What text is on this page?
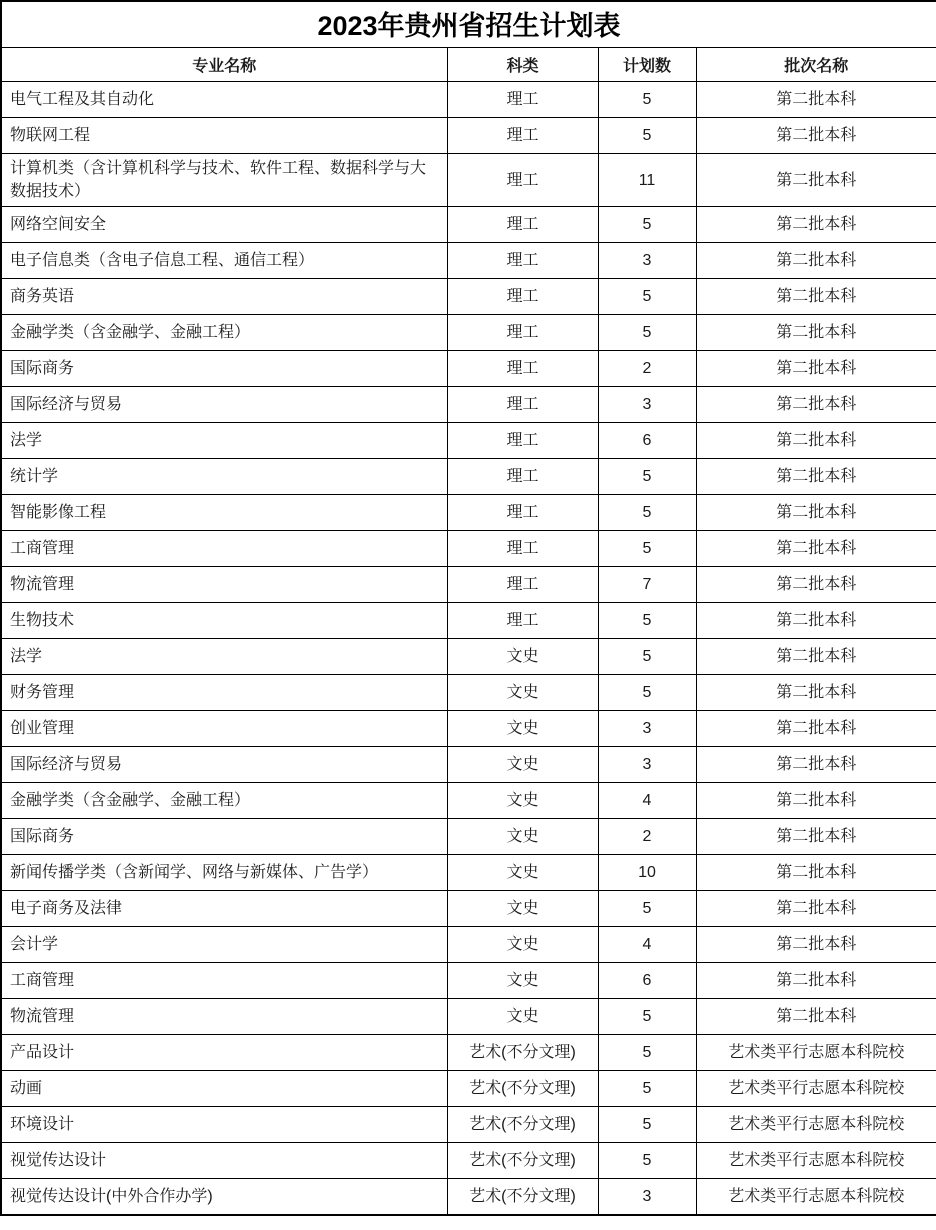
2023年贵州省招生计划表			
专业名称	科类	计划数	批次名称
电气工程及其自动化	理工	5	第二批本科
物联网工程	理工	5	第二批本科
计算机类（含计算机科学与技术、软件工程、数据科学与大数据技术）	理工	11	第二批本科
网络空间安全	理工	5	第二批本科
电子信息类（含电子信息工程、通信工程）	理工	3	第二批本科
商务英语	理工	5	第二批本科
金融学类（含金融学、金融工程）	理工	5	第二批本科
国际商务	理工	2	第二批本科
国际经济与贸易	理工	3	第二批本科
法学	理工	6	第二批本科
统计学	理工	5	第二批本科
智能影像工程	理工	5	第二批本科
工商管理	理工	5	第二批本科
物流管理	理工	7	第二批本科
生物技术	理工	5	第二批本科
法学	文史	5	第二批本科
财务管理	文史	5	第二批本科
创业管理	文史	3	第二批本科
国际经济与贸易	文史	3	第二批本科
金融学类（含金融学、金融工程）	文史	4	第二批本科
国际商务	文史	2	第二批本科
新闻传播学类（含新闻学、网络与新媒体、广告学）	文史	10	第二批本科
电子商务及法律	文史	5	第二批本科
会计学	文史	4	第二批本科
工商管理	文史	6	第二批本科
物流管理	文史	5	第二批本科
产品设计	艺术(不分文理)	5	艺术类平行志愿本科院校
动画	艺术(不分文理)	5	艺术类平行志愿本科院校
环境设计	艺术(不分文理)	5	艺术类平行志愿本科院校
视觉传达设计	艺术(不分文理)	5	艺术类平行志愿本科院校
视觉传达设计(中外合作办学)	艺术(不分文理)	3	艺术类平行志愿本科院校
